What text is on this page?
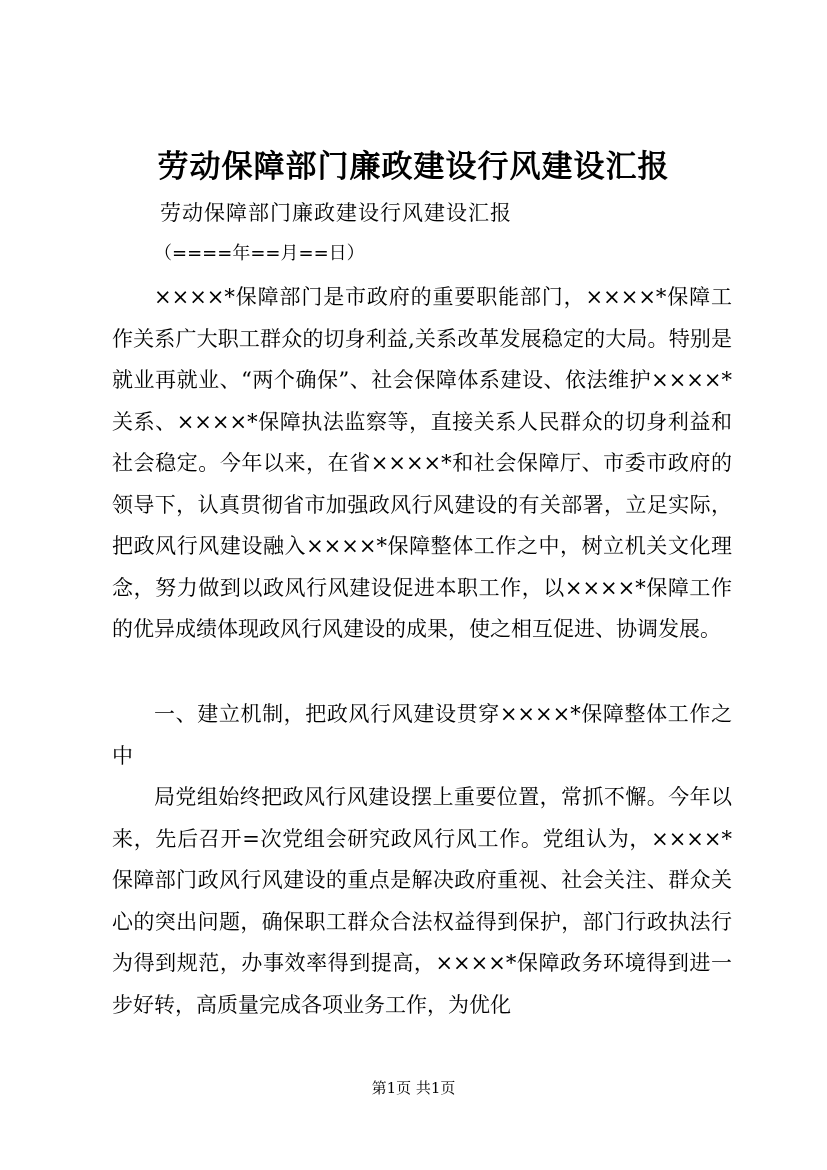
劳动保障部门廉政建设行风建设汇报
劳动保障部门廉政建设行风建设汇报
（====年==月==日）

××××*保障部门是市政府的重要职能部门，××××*保障工作关系广大职工群众的切身利益,关系改革发展稳定的大局。特别是就业再就业、“两个确保”、社会保障体系建设、依法维护××××*关系、××××*保障执法监察等，直接关系人民群众的切身利益和社会稳定。今年以来，在省××××*和社会保障厅、市委市政府的领导下，认真贯彻省市加强政风行风建设的有关部署，立足实际，把政风行风建设融入××××*保障整体工作之中，树立机关文化理念，努力做到以政风行风建设促进本职工作，以××××*保障工作的优异成绩体现政风行风建设的成果，使之相互促进、协调发展。

一、建立机制，把政风行风建设贯穿××××*保障整体工作之中

局党组始终把政风行风建设摆上重要位置，常抓不懈。今年以来，先后召开=次党组会研究政风行风工作。党组认为，××××*保障部门政风行风建设的重点是解决政府重视、社会关注、群众关心的突出问题，确保职工群众合法权益得到保护，部门行政执法行为得到规范，办事效率得到提高，××××*保障政务环境得到进一步好转，高质量完成各项业务工作，为优化

第1页 共1页
